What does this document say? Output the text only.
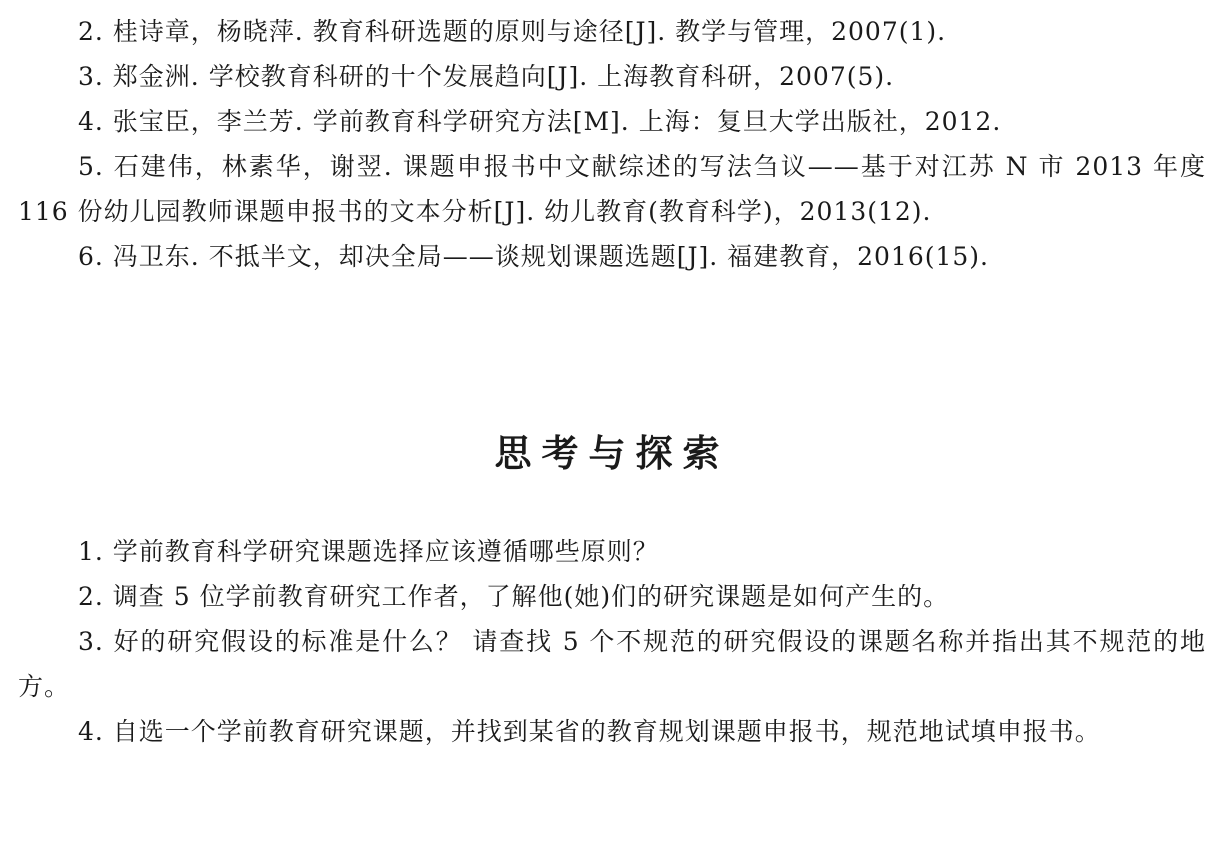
2. 桂诗章，杨晓萍. 教育科研选题的原则与途径[J]. 教学与管理，2007(1).

3. 郑金洲. 学校教育科研的十个发展趋向[J]. 上海教育科研，2007(5).

4. 张宝臣，李兰芳. 学前教育科学研究方法[M]. 上海：复旦大学出版社，2012.

5. 石建伟，林素华，谢翌. 课题申报书中文献综述的写法刍议——基于对江苏 N 市 2013 年度 116 份幼儿园教师课题申报书的文本分析[J]. 幼儿教育(教育科学)，2013(12).

6. 冯卫东. 不抵半文，却决全局——谈规划课题选题[J]. 福建教育，2016(15).

思考与探索

1. 学前教育科学研究课题选择应该遵循哪些原则？

2. 调查 5 位学前教育研究工作者，了解他(她)们的研究课题是如何产生的。

3. 好的研究假设的标准是什么？ 请查找 5 个不规范的研究假设的课题名称并指出其不规范的地方。

4. 自选一个学前教育研究课题，并找到某省的教育规划课题申报书，规范地试填申报书。
